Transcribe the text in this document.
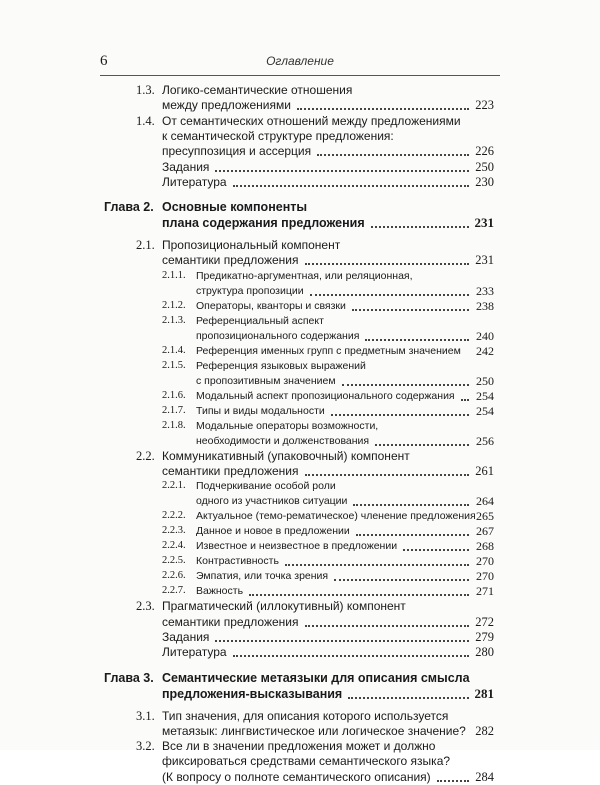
6	Оглавление
1.3. Логико-семантические отношения
между предложениями	223
1.4. От семантических отношений между предложениями
к семантической структуре предложения:
пресуппозиция и ассерция	226
Задания	250
Литература	230
Глава 2. Основные компоненты
плана содержания предложения	231
2.1. Пропозициональный компонент
семантики предложения	231
2.1.1. Предикатно-аргументная, или реляционная,
структура пропозиции	233
2.1.2. Операторы, кванторы и связки	238
2.1.3. Референциальный аспект
пропозиционального содержания	240
2.1.4. Референция именных групп с предметным значением 242
2.1.5. Референция языковых выражений
с пропозитивным значением	250
2.1.6. Модальный аспект пропозиционального содержания 254
2.1.7. Типы и виды модальности	254
2.1.8. Модальные операторы возможности,
необходимости и долженствования	256
2.2. Коммуникативный (упаковочный) компонент
семантики предложения	261
2.2.1. Подчеркивание особой роли
одного из участников ситуации	264
2.2.2. Актуальное (темо-рематическое) членение предложения 265
2.2.3. Данное и новое в предложении	267
2.2.4. Известное и неизвестное в предложении	268
2.2.5. Контрастивность	270
2.2.6. Эмпатия, или точка зрения	270
2.2.7. Важность	271
2.3. Прагматический (иллокутивный) компонент
семантики предложения	272
Задания	279
Литература	280
Глава 3. Семантические метаязыки для описания смысла
предложения-высказывания	281
3.1. Тип значения, для описания которого используется
метаязык: лингвистическое или логическое значение? 282
3.2. Все ли в значении предложения может и должно
фиксироваться средствами семантического языка?
(К вопросу о полноте семантического описания)	284
